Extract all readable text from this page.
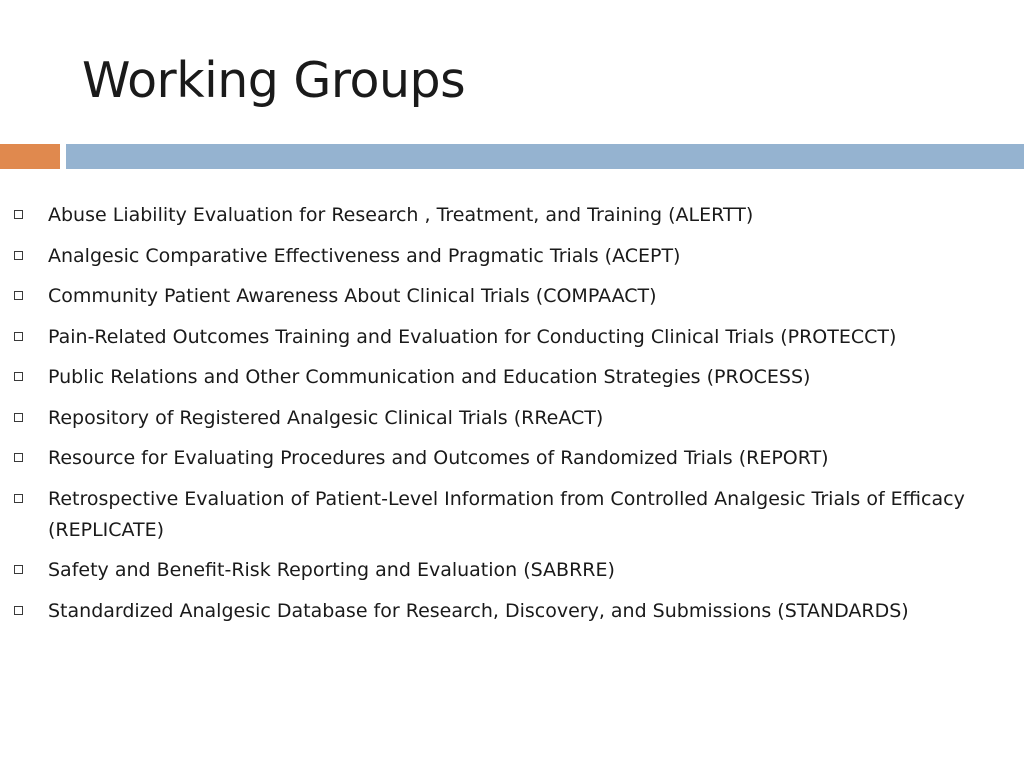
Working Groups
Abuse Liability Evaluation for Research , Treatment, and Training (ALERTT)
Analgesic Comparative Effectiveness and Pragmatic Trials (ACEPT)
Community Patient Awareness About Clinical Trials (COMPAACT)
Pain-Related Outcomes Training and Evaluation for Conducting Clinical Trials (PROTECCT)
Public Relations and Other Communication and Education Strategies (PROCESS)
Repository of Registered Analgesic Clinical Trials (RReACT)
Resource for Evaluating Procedures and Outcomes of Randomized Trials (REPORT)
Retrospective Evaluation of Patient-Level Information from Controlled Analgesic Trials of Efficacy (REPLICATE)
Safety and Benefit-Risk Reporting and Evaluation (SABRRE)
Standardized Analgesic Database for Research, Discovery, and Submissions (STANDARDS)
